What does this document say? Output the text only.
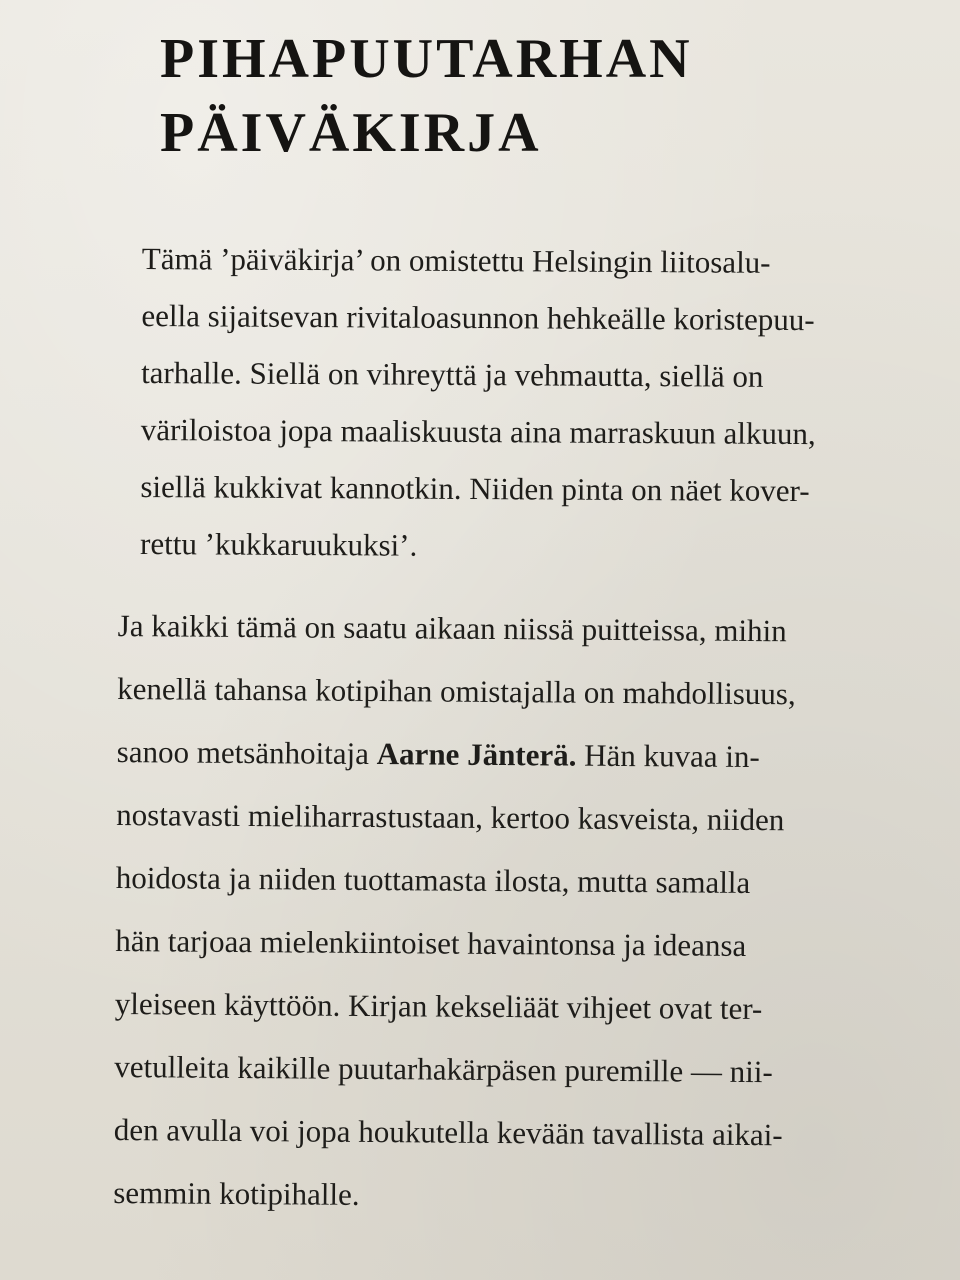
PIHAPUUTARHAN
PÄIVÄKIRJA

Tämä ’päiväkirja’ on omistettu Helsingin liitosalu-
eella sijaitsevan rivitaloasunnon hehkeälle koristepuu-
tarhalle. Siellä on vihreyttä ja vehmautta, siellä on
väriloistoa jopa maaliskuusta aina marraskuun alkuun,
siellä kukkivat kannotkin. Niiden pinta on näet kover-
rettu ’kukkaruukuksi’.

Ja kaikki tämä on saatu aikaan niissä puitteissa, mihin
kenellä tahansa kotipihan omistajalla on mahdollisuus,
sanoo metsänhoitaja Aarne Jänterä. Hän kuvaa in-
nostavasti mieliharrastustaan, kertoo kasveista, niiden
hoidosta ja niiden tuottamasta ilosta, mutta samalla
hän tarjoaa mielenkiintoiset havaintonsa ja ideansa
yleiseen käyttöön. Kirjan kekseliäät vihjeet ovat ter-
vetulleita kaikille puutarhakärpäsen puremille — nii-
den avulla voi jopa houkutella kevään tavallista aikai-
semmin kotipihalle.
